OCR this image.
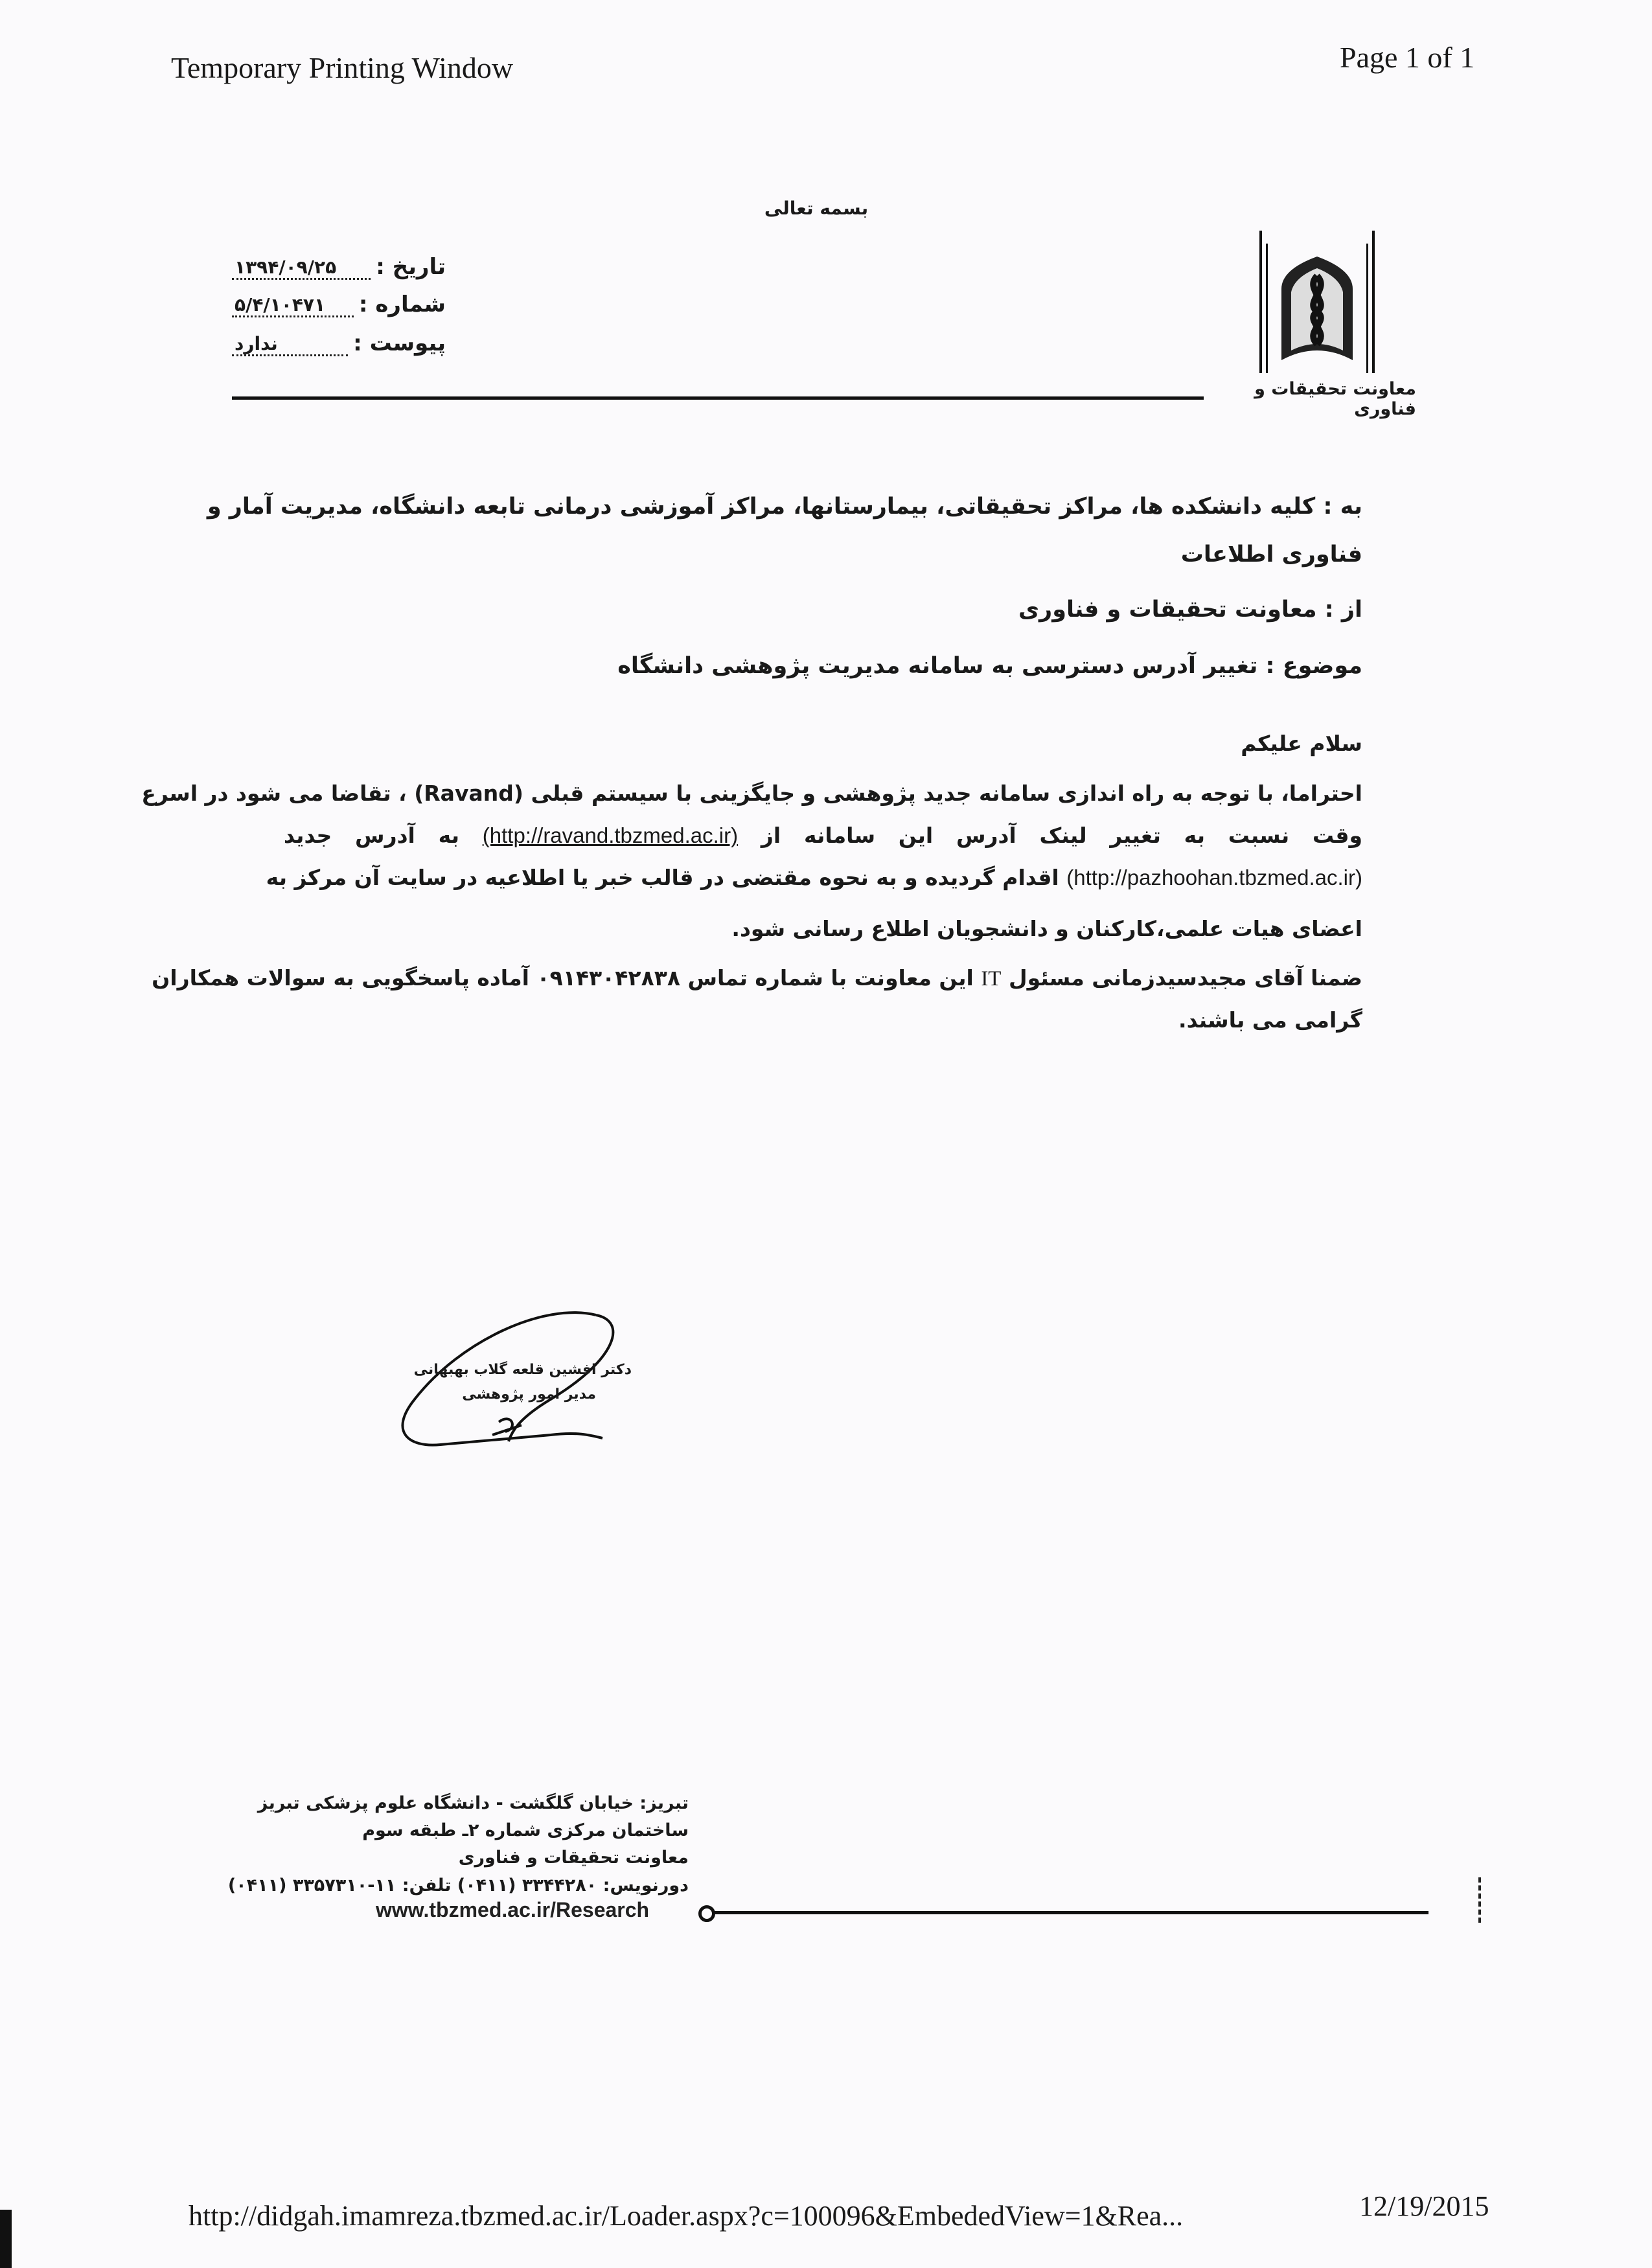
Temporary Printing Window	Page 1 of 1
بسمه تعالی
معاونت تحقیقات و فناوری
تاریخ :
۱۳۹۴/۰۹/۲۵
شماره :
۵/۴/۱۰۴۷۱
پیوست :
ندارد
به : کلیه دانشکده ها، مراکز تحقیقاتی، بیمارستانها، مراکز آموزشی درمانی تابعه دانشگاه، مدیریت آمار و
فناوری اطلاعات
از : معاونت تحقیقات و فناوری
موضوع : تغییر آدرس دسترسی به سامانه مدیریت پژوهشی دانشگاه
سلام علیکم
احتراما، با توجه به راه اندازی سامانه جدید پژوهشی و جایگزینی با سیستم قبلی (Ravand) ، تقاضا می شود در اسرع
وقت نسبت به تغییر لینک آدرس این سامانه از (http://ravand.tbzmed.ac.ir) به آدرس جدید
(http://pazhoohan.tbzmed.ac.ir) اقدام گردیده و به نحوه مقتضی در قالب خبر یا اطلاعیه در سایت آن مرکز به
اعضای هیات علمی،کارکنان و دانشجویان اطلاع رسانی شود.
ضمنا آقای مجیدسیدزمانی مسئول IT این معاونت با شماره تماس ۰۹۱۴۳۰۴۲۸۳۸ آماده پاسخگویی به سوالات همکاران
گرامی می باشند.
دکتر افشین قلعه گلاب بهبهانی
مدیر امور پژوهشی
تبریز: خیابان گلگشت - دانشگاه علوم پزشکی تبریز
ساختمان مرکزی شماره ۲ـ طبقه سوم
معاونت تحقیقات و فناوری
دورنویس: ۳۳۴۴۲۸۰ (۰۴۱۱) تلفن: ۱۱-۳۳۵۷۳۱۰ (۰۴۱۱)
www.tbzmed.ac.ir/Research
http://didgah.imamreza.tbzmed.ac.ir/Loader.aspx?c=100096&EmbededView=1&Rea...	12/19/2015
